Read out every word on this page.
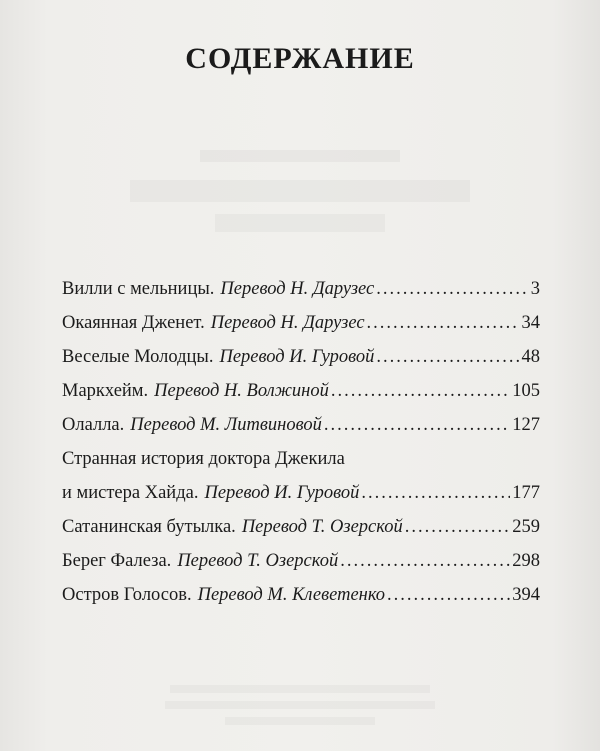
СОДЕРЖАНИЕ
Вилли с мельницы. Перевод Н. Дарузес .....	3
Окаянная Дженет. Перевод Н. Дарузес .....	34
Веселые Молодцы. Перевод И. Гуровой .....	48
Маркхейм. Перевод Н. Волжиной .....	105
Олалла. Перевод М. Литвиновой .....	127
Странная история доктора Джекила
и мистера Хайда. Перевод И. Гуровой .....	177
Сатанинская бутылка. Перевод Т. Озерской .....	259
Берег Фалеза. Перевод Т. Озерской .....	298
Остров Голосов. Перевод М. Клеветенко .....	394
